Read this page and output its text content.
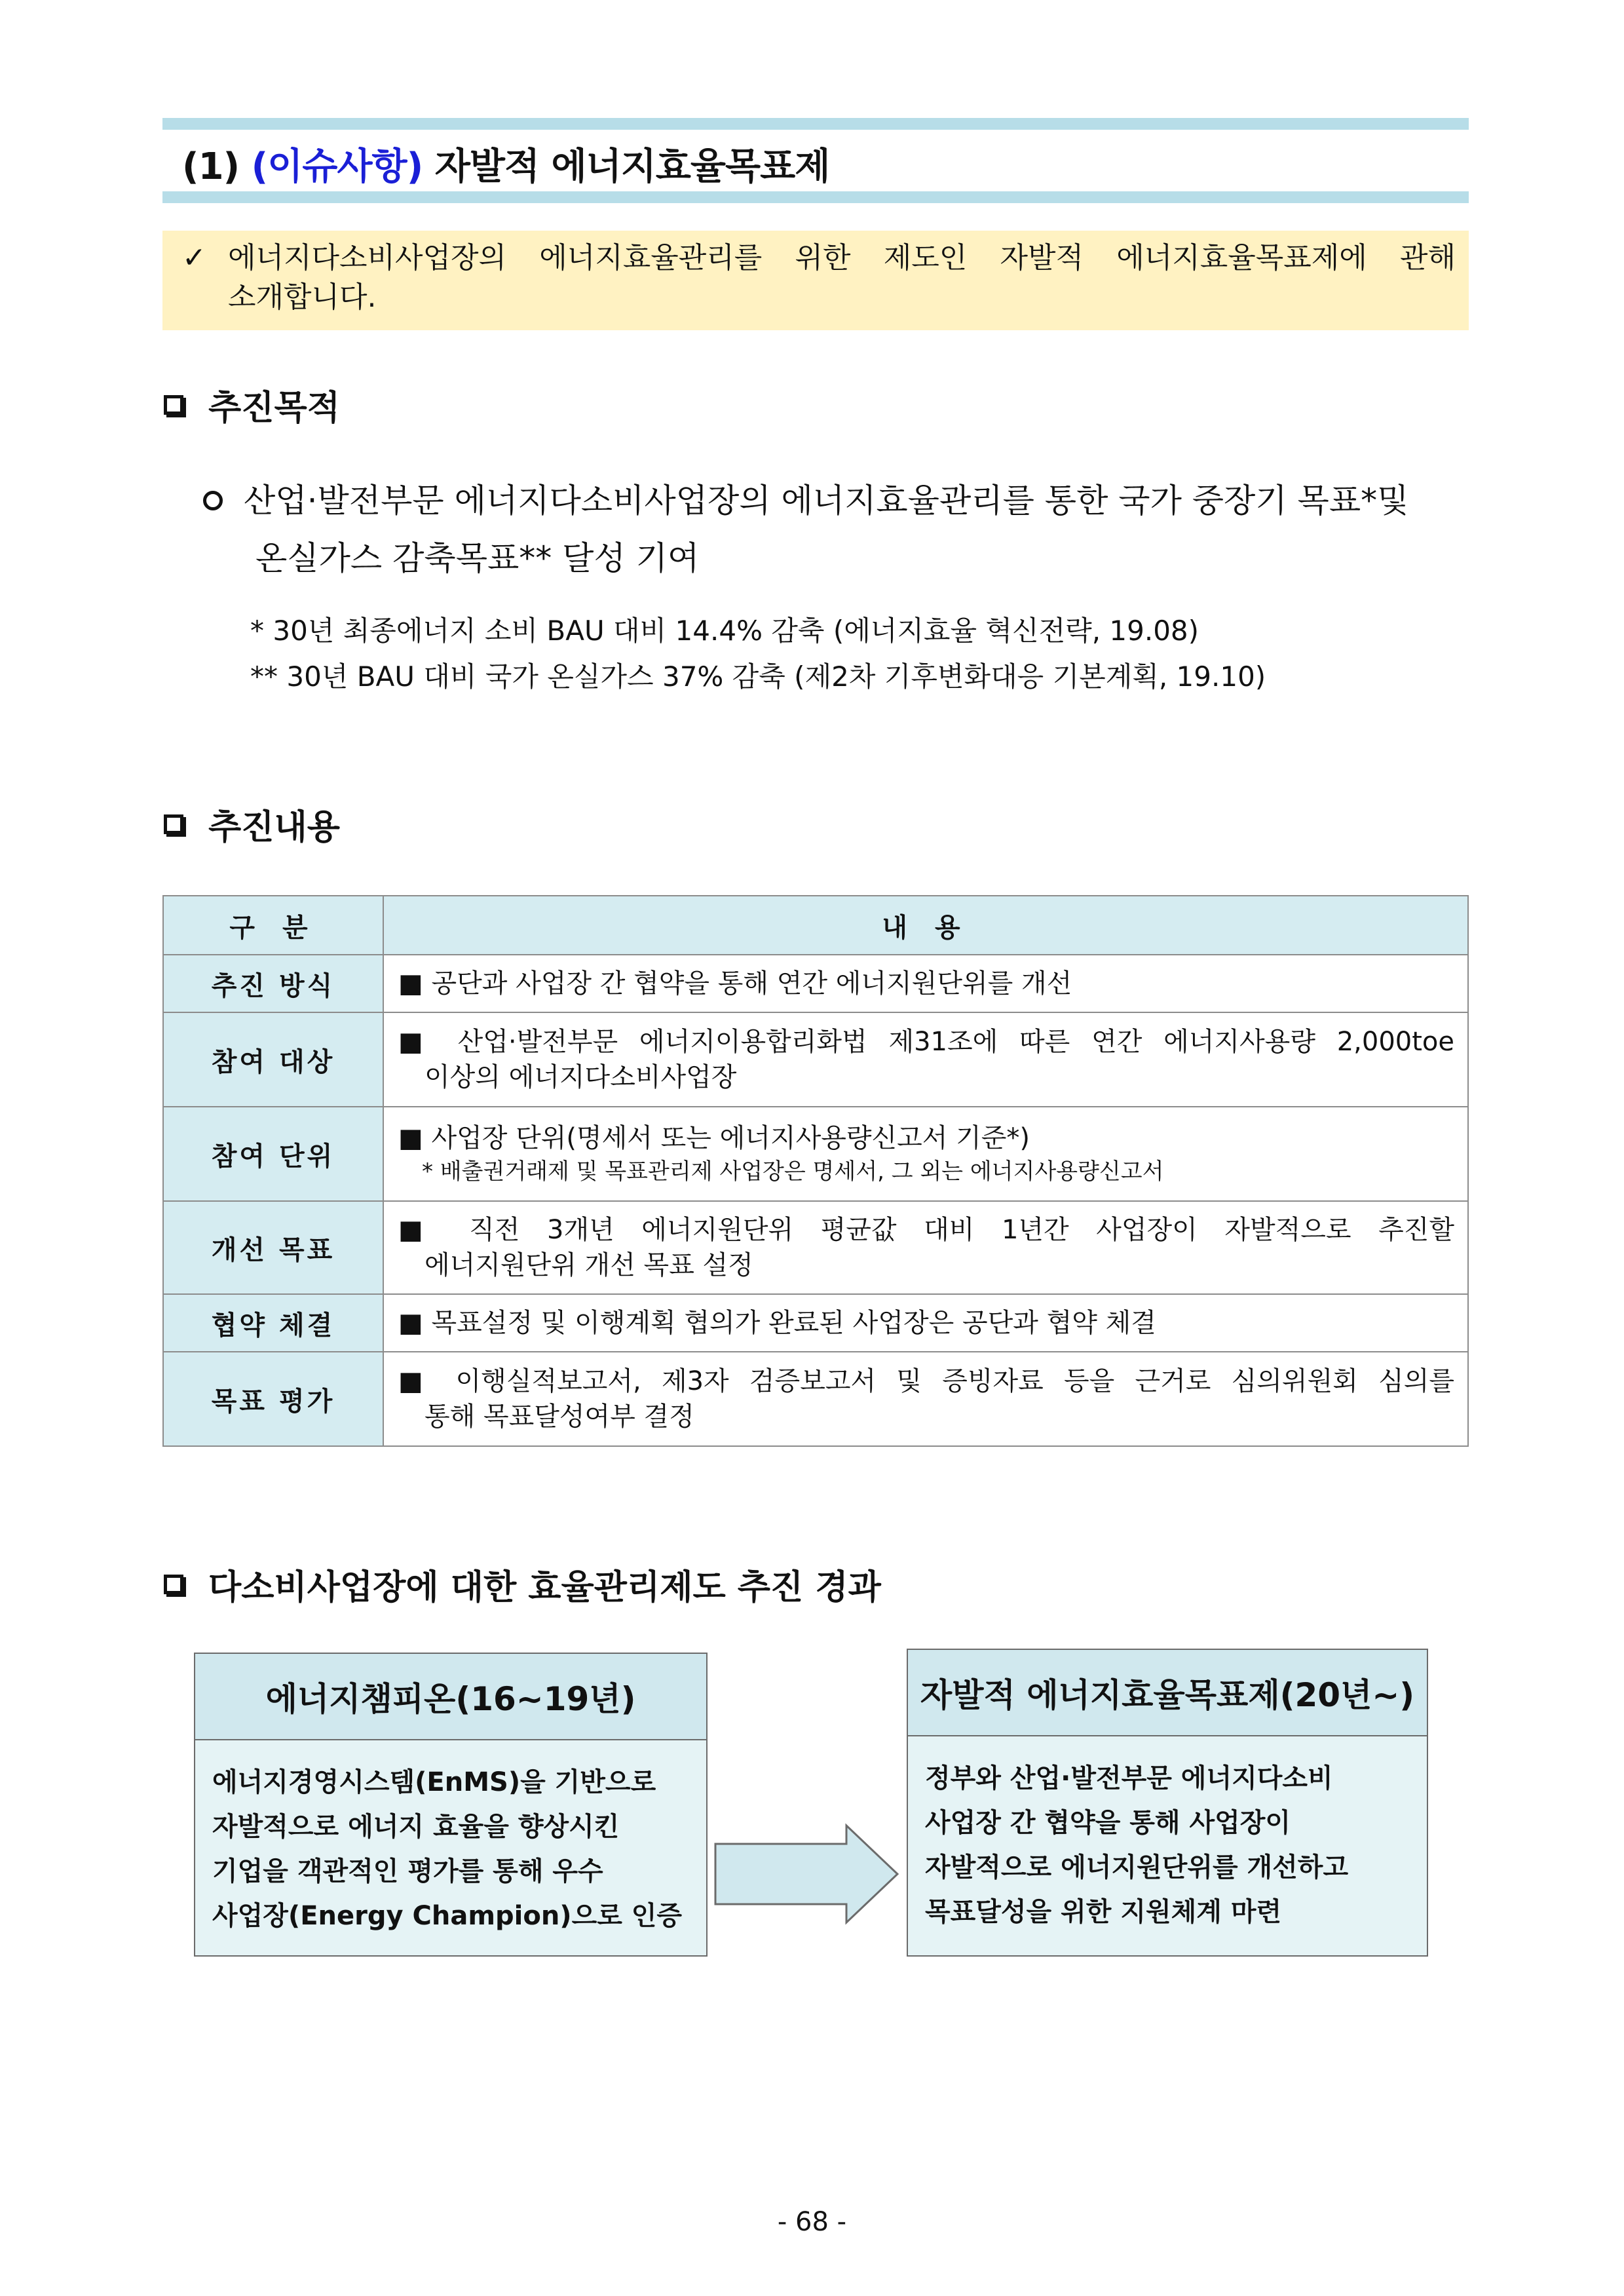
(1) (이슈사항) 자발적 에너지효율목표제
✓ 에너지다소비사업장의 에너지효율관리를 위한 제도인 자발적 에너지효율목표제에 관해
소개합니다.
추진목적
산업·발전부문 에너지다소비사업장의 에너지효율관리를 통한 국가 중장기 목표*및
온실가스 감축목표** 달성 기여
* 30년 최종에너지 소비 BAU 대비 14.4% 감축 (에너지효율 혁신전략, 19.08)
** 30년 BAU 대비 국가 온실가스 37% 감축 (제2차 기후변화대응 기본계획, 19.10)
추진내용
구 분	내 용
추진 방식	■ 공단과 사업장 간 협약을 통해 연간 에너지원단위를 개선

참여 대상	■ 산업·발전부문 에너지이용합리화법 제31조에 따른 연간 에너지사용량 2,000toe
이상의 에너지다소비사업장

참여 단위	■ 사업장 단위(명세서 또는 에너지사용량신고서 기준*)
* 배출권거래제 및 목표관리제 사업장은 명세서, 그 외는 에너지사용량신고서

개선 목표	■ 직전 3개년 에너지원단위 평균값 대비 1년간 사업장이 자발적으로 추진할
에너지원단위 개선 목표 설정

협약 체결	■ 목표설정 및 이행계획 협의가 완료된 사업장은 공단과 협약 체결

목표 평가	■ 이행실적보고서, 제3자 검증보고서 및 증빙자료 등을 근거로 심의위원회 심의를
통해 목표달성여부 결정
다소비사업장에 대한 효율관리제도 추진 경과
에너지챔피온(16~19년)
에너지경영시스템(EnMS)을 기반으로
자발적으로 에너지 효율을 향상시킨
기업을 객관적인 평가를 통해 우수
사업장(Energy Champion)으로 인증
자발적 에너지효율목표제(20년~)
정부와 산업·발전부문 에너지다소비
사업장 간 협약을 통해 사업장이
자발적으로 에너지원단위를 개선하고
목표달성을 위한 지원체계 마련
- 68 -
